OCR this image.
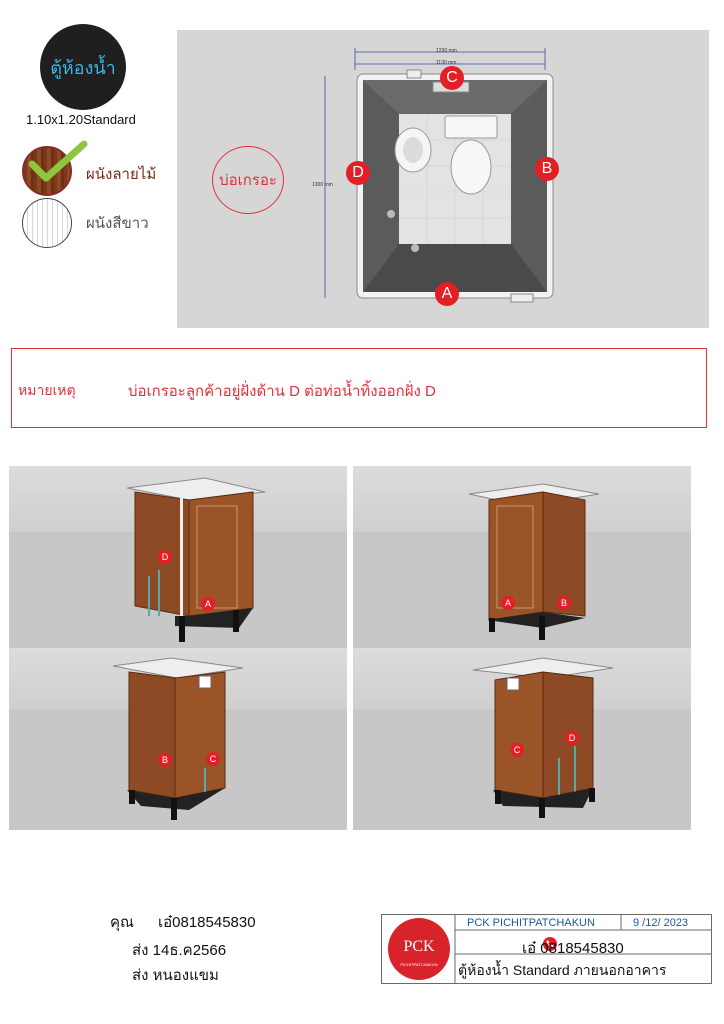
ตู้ห้องน้ำ
1.10x1.20Standard
ผนังลายไม้
ผนังสีขาว
บ่อเกรอะ
1230 mm
1130 mm
1300 mm
C
B
D
A
หมายเหตุ	บ่อเกรอะลูกค้าอยู่ฝั่งด้าน D ต่อท่อน้ำทิ้งออกฝั่ง D
D
A	A	B
B	C
C
D
คุณ เอ๋0818545830
ส่ง 14ธ.ค2566
ส่ง หนองแขม
PCK
PICHITPATCHAKUN
PCK PICHITPATCHAKUN	9 /12/ 2023
เอ๋ 0818545830
ตู้ห้องน้ำ Standard ภายนอกอาคาร
